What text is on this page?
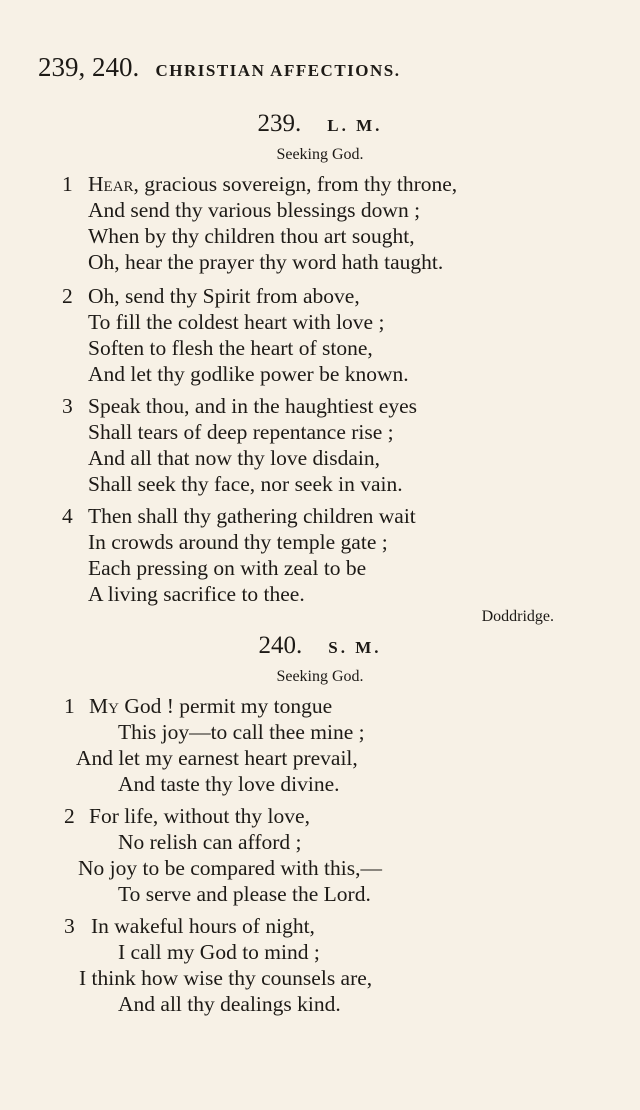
239, 240. CHRISTIAN AFFECTIONS.
239. L. M.
Seeking God.
1 Hear, gracious sovereign, from thy throne,
And send thy various blessings down ;
When by thy children thou art sought,
Oh, hear the prayer thy word hath taught.
2 Oh, send thy Spirit from above,
To fill the coldest heart with love ;
Soften to flesh the heart of stone,
And let thy godlike power be known.
3 Speak thou, and in the haughtiest eyes
Shall tears of deep repentance rise ;
And all that now thy love disdain,
Shall seek thy face, nor seek in vain.
4 Then shall thy gathering children wait
In crowds around thy temple gate ;
Each pressing on with zeal to be
A living sacrifice to thee.
Doddridge.
240. S. M.
Seeking God.
1 My God ! permit my tongue
This joy—to call thee mine ;
And let my earnest heart prevail,
And taste thy love divine.
2 For life, without thy love,
No relish can afford ;
No joy to be compared with this,—
To serve and please the Lord.
3 In wakeful hours of night,
I call my God to mind ;
I think how wise thy counsels are,
And all thy dealings kind.
